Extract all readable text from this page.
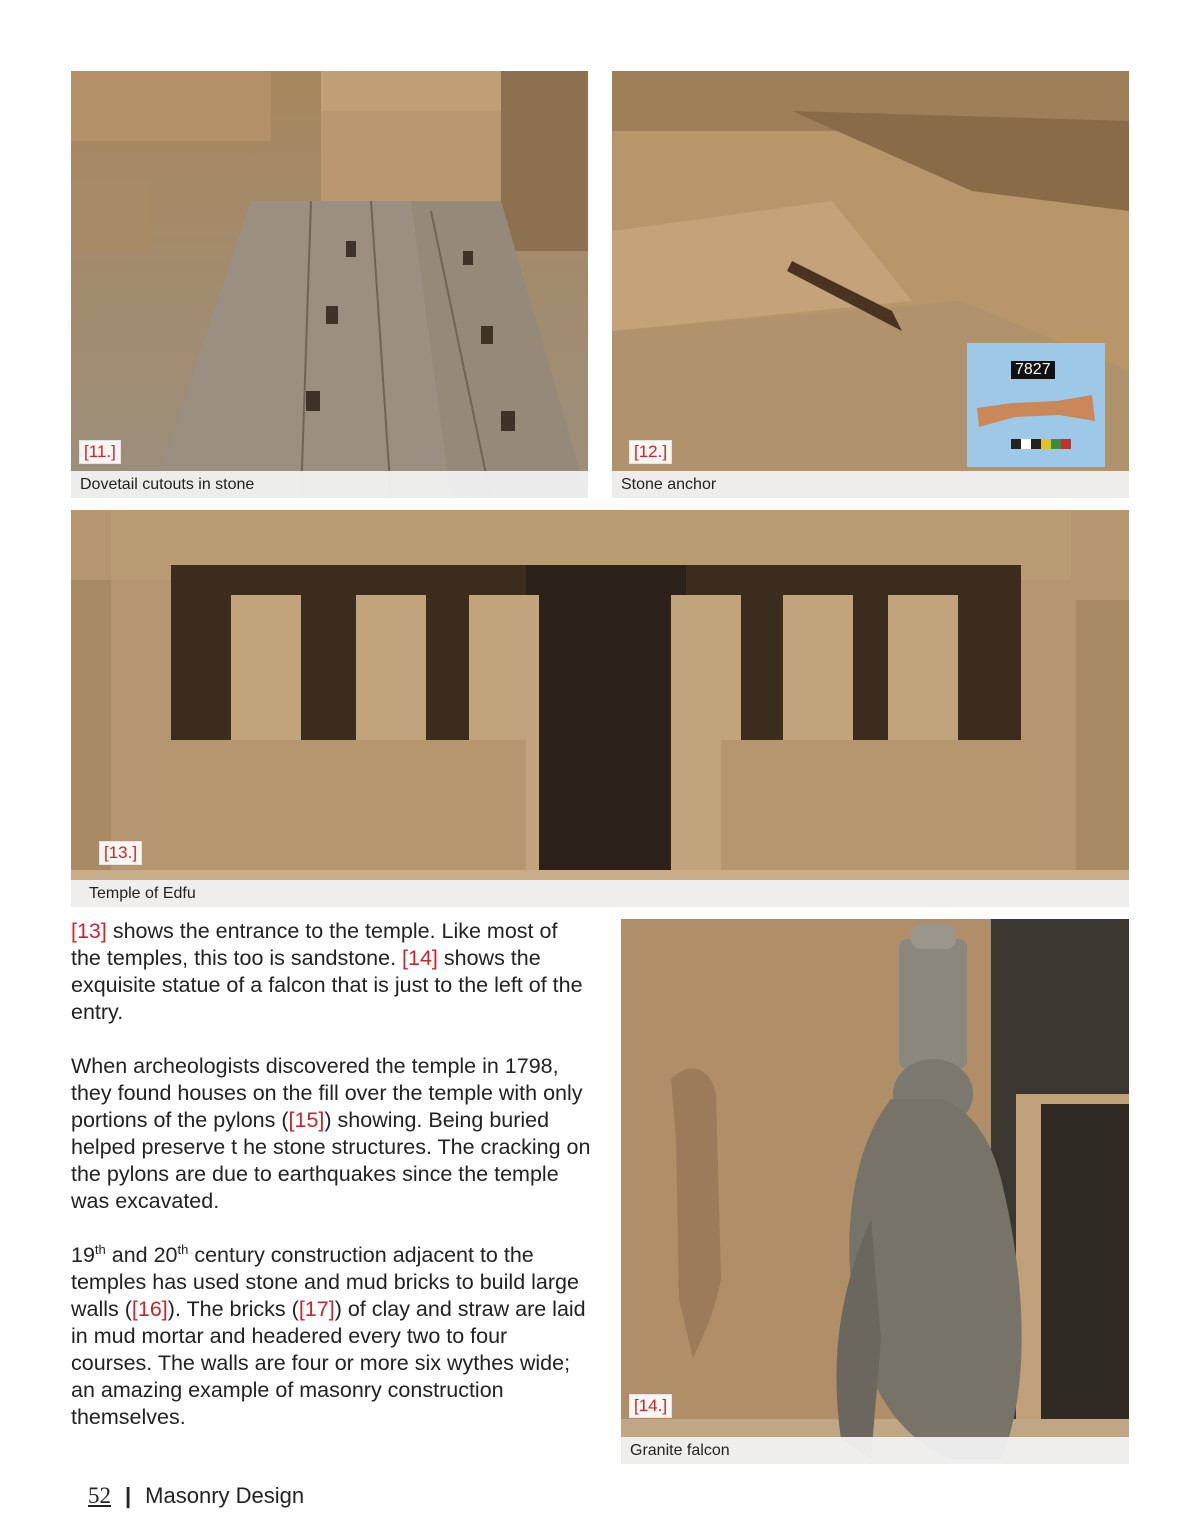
[11.]
Dovetail cutouts in stone
7827
[12.]
Stone anchor
[13.]
Temple of Edfu

[13] shows the entrance to the temple. Like most of the temples, this too is sandstone. [14] shows the exquisite statue of a falcon that is just to the left of the entry.

When archeologists discovered the temple in 1798, they found houses on the fill over the temple with only portions of the pylons ([15]) showing. Being buried helped preserve t he stone structures. The cracking on the pylons are due to earthquakes since the temple was excavated.

19th and 20th century construction adjacent to the temples has used stone and mud bricks to build large walls ([16]). The bricks ([17]) of clay and straw are laid in mud mortar and headered every two to four courses. The walls are four or more six wythes wide; an amazing example of masonry construction themselves.	[14.]
Granite falcon
52 | Masonry Design
